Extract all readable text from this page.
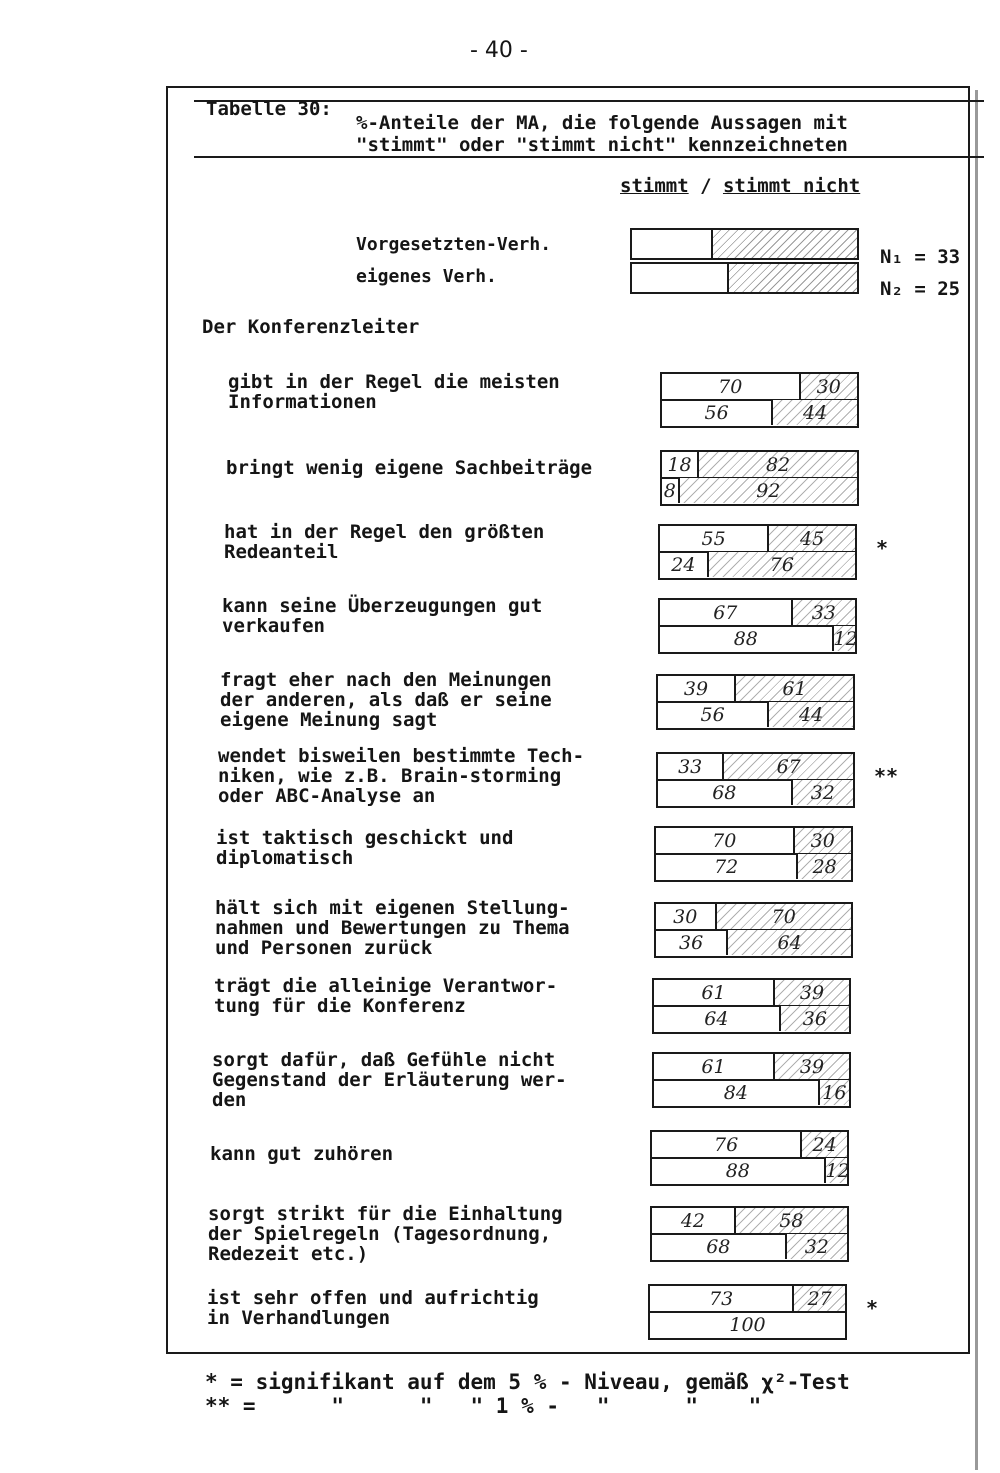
- 40 -
Tabelle 30:
%-Anteile der MA, die folgende Aussagen mit "stimmt" oder "stimmt nicht" kennzeichneten
stimmt / stimmt nicht
Vorgesetzten-Verh.
eigenes Verh.
N₁ = 33
N₂ = 25
Der Konferenzleiter
gibt in der Regel die meisten
Informationen
70	30
56	44
bringt wenig eigene Sachbeiträge	18	82
8	92
hat in der Regel den größten
Redeanteil
55	45
24	76
*
kann seine Überzeugungen gut
verkaufen
67	33
88	12
fragt eher nach den Meinungen
der anderen, als daß er seine
eigene Meinung sagt
39	61
56	44
wendet bisweilen bestimmte Tech-
niken, wie z.B. Brain-storming
oder ABC-Analyse an
33	67
68	32
**
ist taktisch geschickt und
diplomatisch
70	30
72	28
hält sich mit eigenen Stellung-
nahmen und Bewertungen zu Thema
und Personen zurück
30	70
36	64
trägt die alleinige Verantwor-
tung für die Konferenz
61	39
64	36
sorgt dafür, daß Gefühle nicht
Gegenstand der Erläuterung wer-
den
61	39
84	16
kann gut zuhören	76	24
88	12
sorgt strikt für die Einhaltung
der Spielregeln (Tagesordnung,
Redezeit etc.)
42	58
68	32
ist sehr offen und aufrichtig
in Verhandlungen
73	27
100
*
* = signifikant auf dem 5 % - Niveau, gemäß χ²-Test
** =      "      "   " 1 % -   "      "    "
